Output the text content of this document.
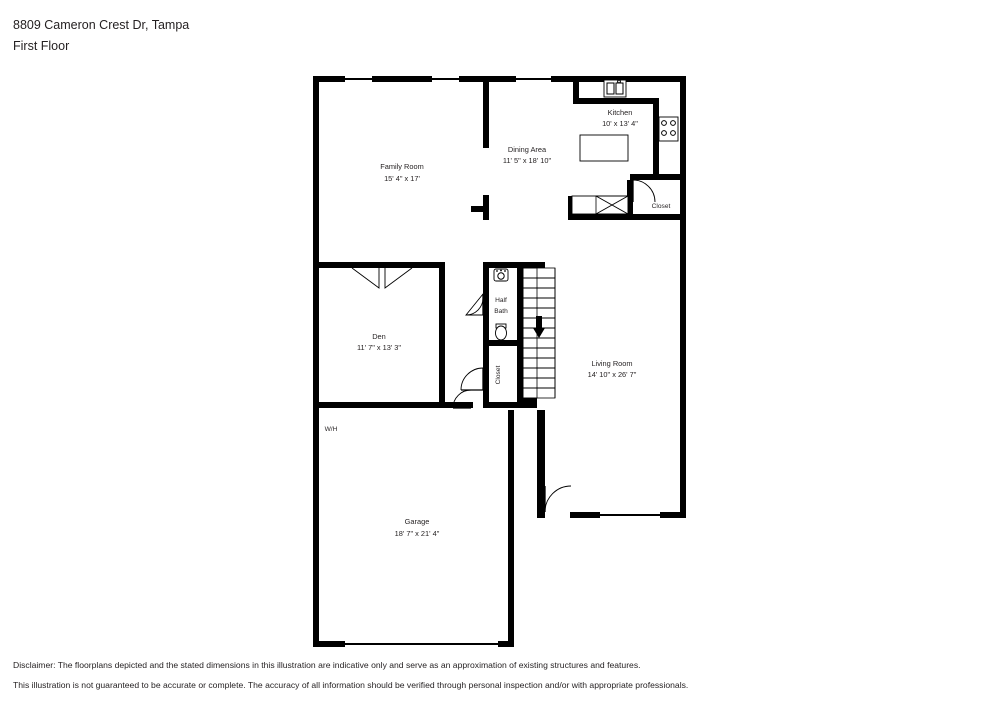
8809 Cameron Crest Dr, Tampa
First Floor
Family Room
15' 4" x 17'
Dining Area
11' 5" x 18' 10"
Kitchen
10' x 13' 4"
Closet
Den
11' 7" x 13' 3"
Living Room
14' 10" x 26' 7"
Garage
18' 7" x 21' 4"
Half
Bath
Closet
W/H
Disclaimer: The floorplans depicted and the stated dimensions in this illustration are indicative only and serve as an approximation of existing structures and features.
This illustration is not guaranteed to be accurate or complete. The accuracy of all information should be verified through personal inspection and/or with appropriate professionals.
